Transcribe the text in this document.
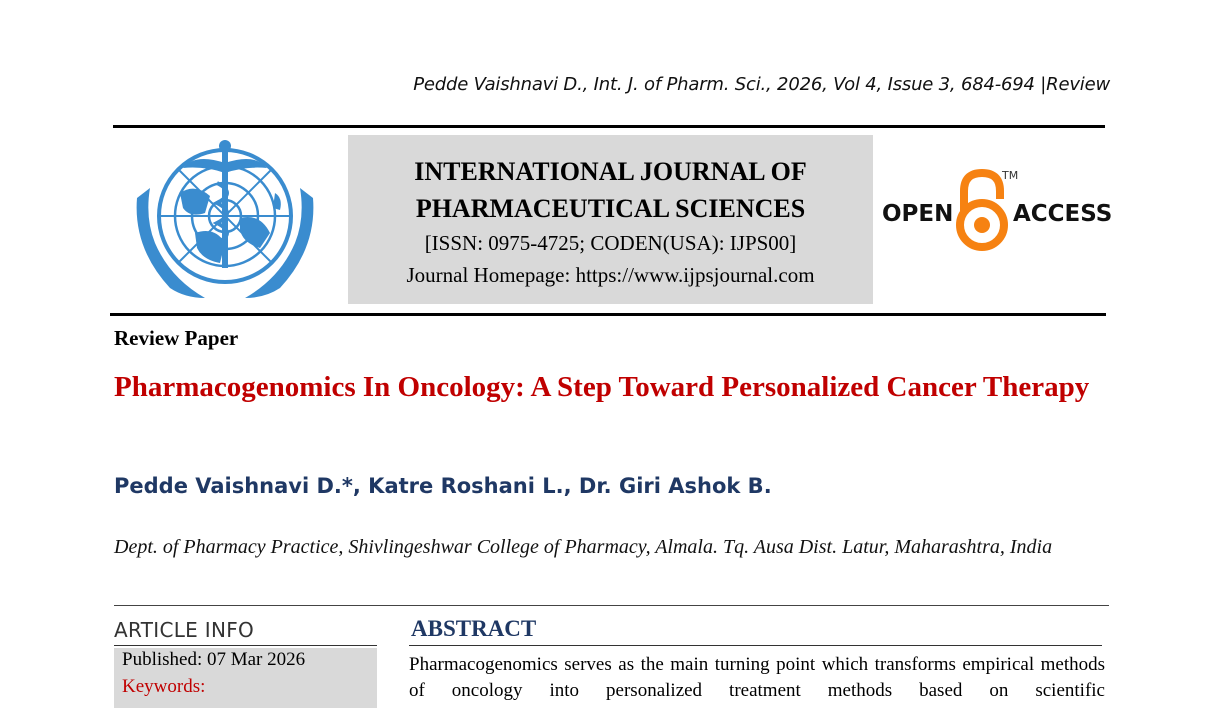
Pedde Vaishnavi D., Int. J. of Pharm. Sci., 2026, Vol 4, Issue 3, 684-694 |Review
INTERNATIONAL JOURNAL OF
PHARMACEUTICAL SCIENCES
[ISSN: 0975-4725; CODEN(USA): IJPS00]
Journal Homepage: https://www.ijpsjournal.com
OPEN
TM
ACCESS
Review Paper
Pharmacogenomics In Oncology: A Step Toward Personalized Cancer Therapy
Pedde Vaishnavi D.*, Katre Roshani L., Dr. Giri Ashok B.
Dept. of Pharmacy Practice, Shivlingeshwar College of Pharmacy, Almala. Tq. Ausa Dist. Latur, Maharashtra, India
ARTICLE INFO
Published: 07 Mar 2026
Keywords:
ABSTRACT
Pharmacogenomics serves as the main turning point which transforms empirical methods of oncology into personalized treatment methods based on scientific
